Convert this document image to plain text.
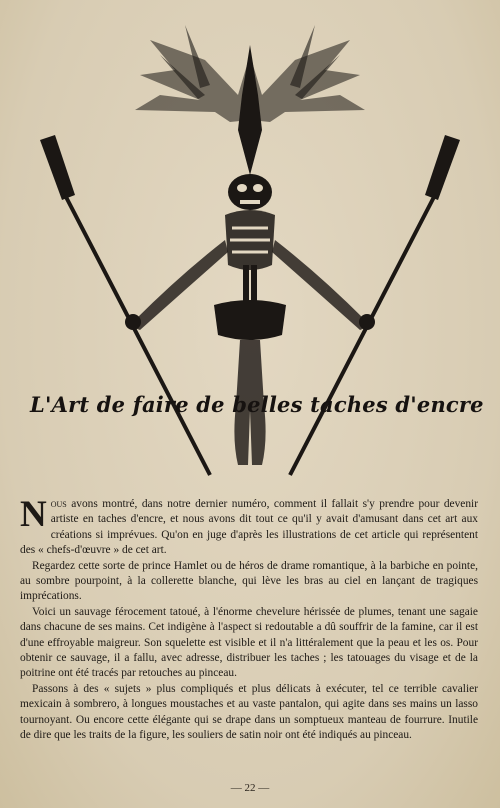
L'Art de faire de belles taches d'encre

Nous avons montré, dans notre dernier numéro, comment il fallait s'y prendre pour devenir artiste en taches d'encre, et nous avons dit tout ce qu'il y avait d'amusant dans cet art aux créations si imprévues. Qu'on en juge d'après les illustrations de cet article qui représentent des « chefs-d'œuvre » de cet art.

Regardez cette sorte de prince Hamlet ou de héros de drame romantique, à la barbiche en pointe, au sombre pourpoint, à la collerette blanche, qui lève les bras au ciel en lançant de tragiques imprécations.

Voici un sauvage férocement tatoué, à l'énorme chevelure hérissée de plumes, tenant une sagaie dans chacune de ses mains. Cet indigène à l'aspect si redoutable a dû souffrir de la famine, car il est d'une effroyable maigreur. Son squelette est visible et il n'a littéralement que la peau et les os. Pour obtenir ce sauvage, il a fallu, avec adresse, distribuer les taches ; les tatouages du visage et de la poitrine ont été tracés par retouches au pinceau.

Passons à des « sujets » plus compliqués et plus délicats à exécuter, tel ce terrible cavalier mexicain à sombrero, à longues moustaches et au vaste pantalon, qui agite dans ses mains un lasso tournoyant. Ou encore cette élégante qui se drape dans un somptueux manteau de fourrure. Inutile de dire que les traits de la figure, les souliers de satin noir ont été indiqués au pinceau.

— 22 —
